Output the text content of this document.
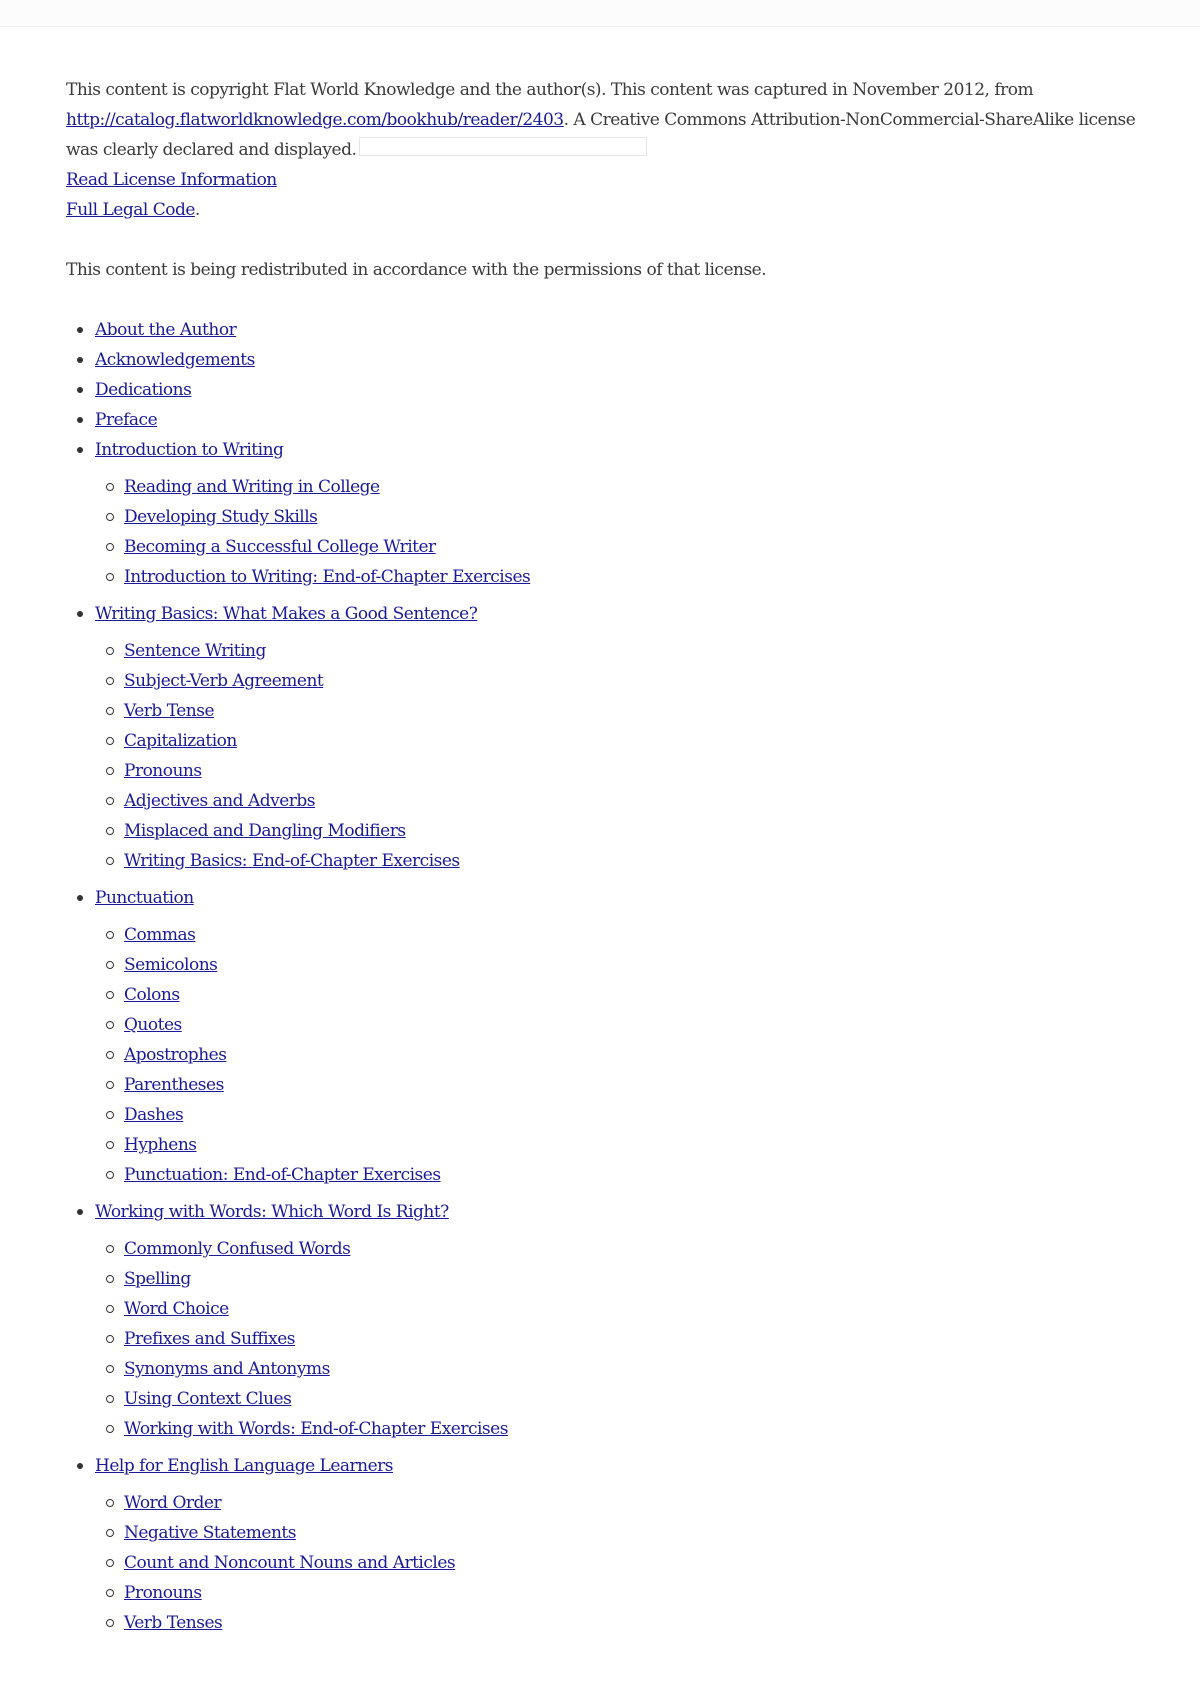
This content is copyright Flat World Knowledge and the author(s). This content was captured in November 2012, from http://catalog.flatworldknowledge.com/bookhub/reader/2403. A Creative Commons Attribution-NonCommercial-ShareAlike license was clearly declared and displayed.

Read License Information

Full Legal Code.

This content is being redistributed in accordance with the permissions of that license.

About the Author
Acknowledgements
Dedications
Preface
Introduction to Writing
Reading and Writing in College
Developing Study Skills
Becoming a Successful College Writer
Introduction to Writing: End-of-Chapter Exercises
Writing Basics: What Makes a Good Sentence?
Sentence Writing
Subject-Verb Agreement
Verb Tense
Capitalization
Pronouns
Adjectives and Adverbs
Misplaced and Dangling Modifiers
Writing Basics: End-of-Chapter Exercises
Punctuation
Commas
Semicolons
Colons
Quotes
Apostrophes
Parentheses
Dashes
Hyphens
Punctuation: End-of-Chapter Exercises
Working with Words: Which Word Is Right?
Commonly Confused Words
Spelling
Word Choice
Prefixes and Suffixes
Synonyms and Antonyms
Using Context Clues
Working with Words: End-of-Chapter Exercises
Help for English Language Learners
Word Order
Negative Statements
Count and Noncount Nouns and Articles
Pronouns
Verb Tenses
